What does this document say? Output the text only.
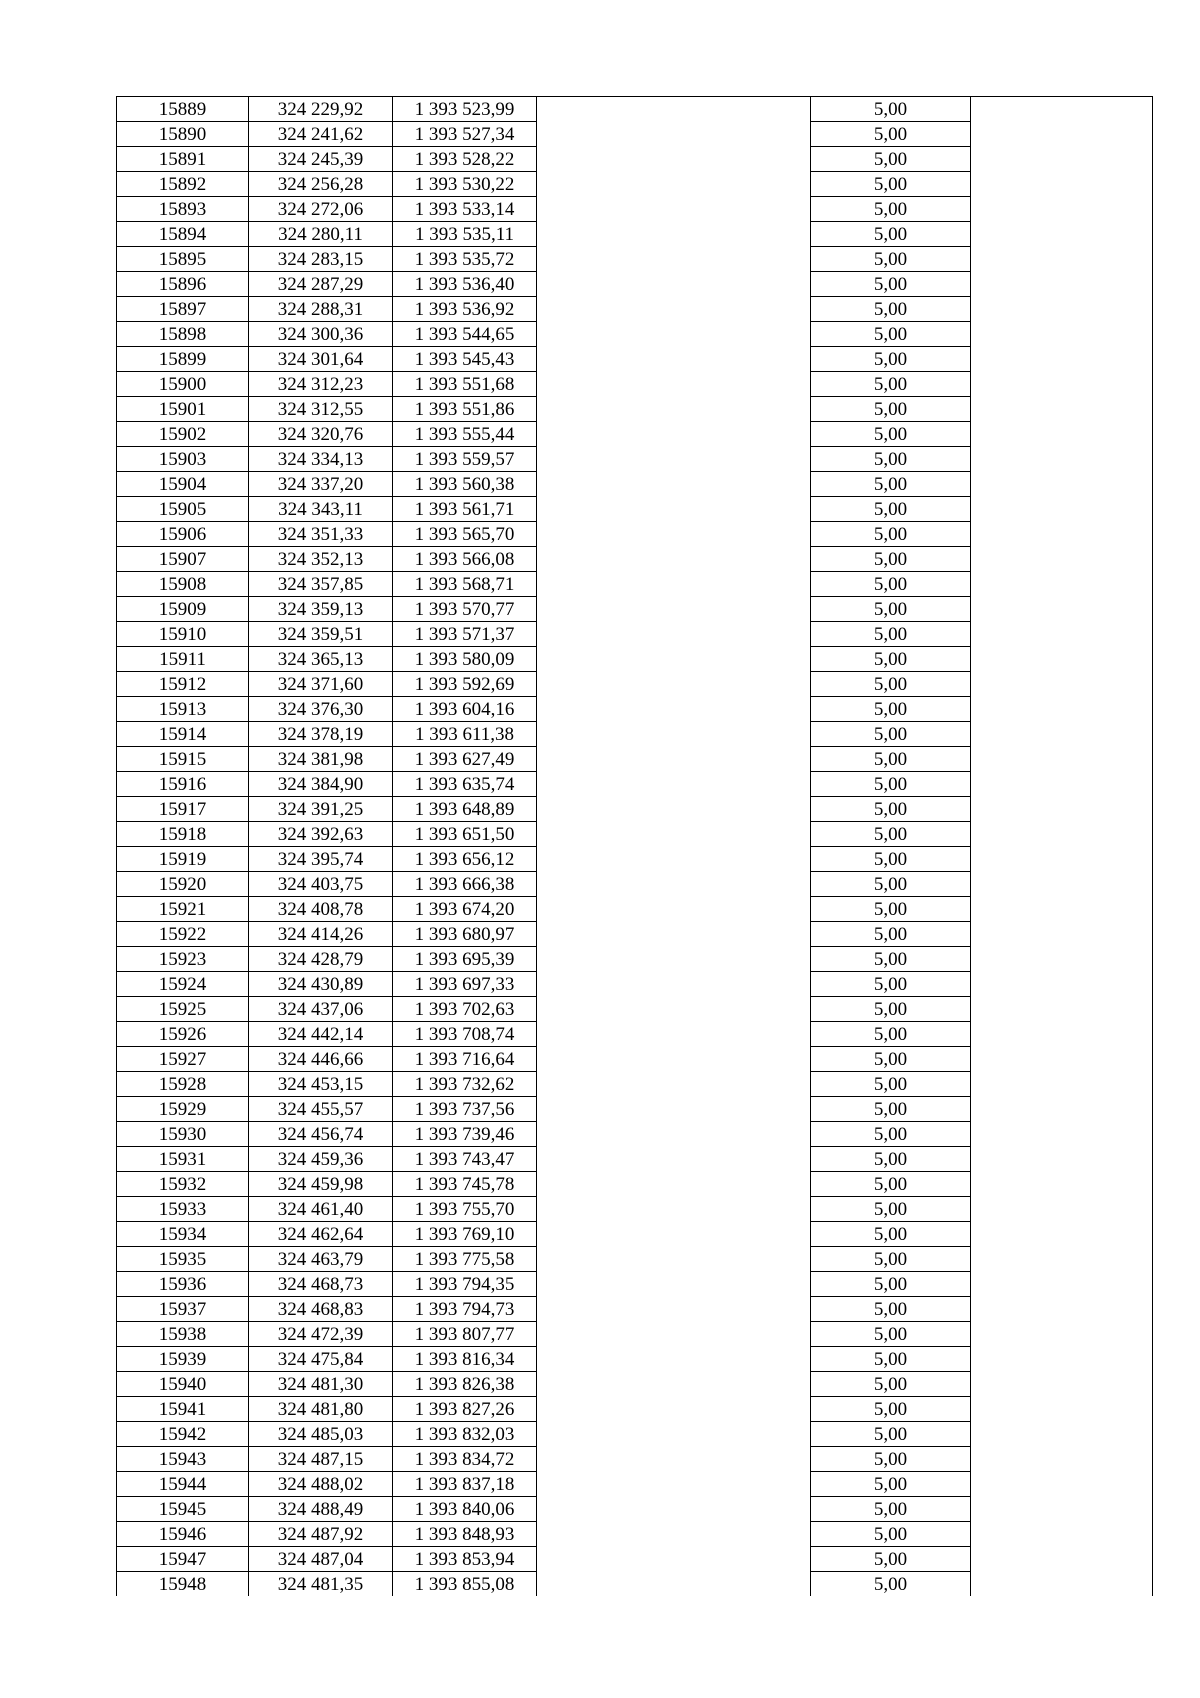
15889	324 229,92	1 393 523,99		5,00	
15890	324 241,62	1 393 527,34		5,00	
15891	324 245,39	1 393 528,22		5,00	
15892	324 256,28	1 393 530,22		5,00	
15893	324 272,06	1 393 533,14		5,00	
15894	324 280,11	1 393 535,11		5,00	
15895	324 283,15	1 393 535,72		5,00	
15896	324 287,29	1 393 536,40		5,00	
15897	324 288,31	1 393 536,92		5,00	
15898	324 300,36	1 393 544,65		5,00	
15899	324 301,64	1 393 545,43		5,00	
15900	324 312,23	1 393 551,68		5,00	
15901	324 312,55	1 393 551,86		5,00	
15902	324 320,76	1 393 555,44		5,00	
15903	324 334,13	1 393 559,57		5,00	
15904	324 337,20	1 393 560,38		5,00	
15905	324 343,11	1 393 561,71		5,00	
15906	324 351,33	1 393 565,70		5,00	
15907	324 352,13	1 393 566,08		5,00	
15908	324 357,85	1 393 568,71		5,00	
15909	324 359,13	1 393 570,77		5,00	
15910	324 359,51	1 393 571,37		5,00	
15911	324 365,13	1 393 580,09		5,00	
15912	324 371,60	1 393 592,69		5,00	
15913	324 376,30	1 393 604,16		5,00	
15914	324 378,19	1 393 611,38		5,00	
15915	324 381,98	1 393 627,49		5,00	
15916	324 384,90	1 393 635,74		5,00	
15917	324 391,25	1 393 648,89		5,00	
15918	324 392,63	1 393 651,50		5,00	
15919	324 395,74	1 393 656,12		5,00	
15920	324 403,75	1 393 666,38		5,00	
15921	324 408,78	1 393 674,20		5,00	
15922	324 414,26	1 393 680,97		5,00	
15923	324 428,79	1 393 695,39		5,00	
15924	324 430,89	1 393 697,33		5,00	
15925	324 437,06	1 393 702,63		5,00	
15926	324 442,14	1 393 708,74		5,00	
15927	324 446,66	1 393 716,64		5,00	
15928	324 453,15	1 393 732,62		5,00	
15929	324 455,57	1 393 737,56		5,00	
15930	324 456,74	1 393 739,46		5,00	
15931	324 459,36	1 393 743,47		5,00	
15932	324 459,98	1 393 745,78		5,00	
15933	324 461,40	1 393 755,70		5,00	
15934	324 462,64	1 393 769,10		5,00	
15935	324 463,79	1 393 775,58		5,00	
15936	324 468,73	1 393 794,35		5,00	
15937	324 468,83	1 393 794,73		5,00	
15938	324 472,39	1 393 807,77		5,00	
15939	324 475,84	1 393 816,34		5,00	
15940	324 481,30	1 393 826,38		5,00	
15941	324 481,80	1 393 827,26		5,00	
15942	324 485,03	1 393 832,03		5,00	
15943	324 487,15	1 393 834,72		5,00	
15944	324 488,02	1 393 837,18		5,00	
15945	324 488,49	1 393 840,06		5,00	
15946	324 487,92	1 393 848,93		5,00	
15947	324 487,04	1 393 853,94		5,00	
15948	324 481,35	1 393 855,08		5,00	
